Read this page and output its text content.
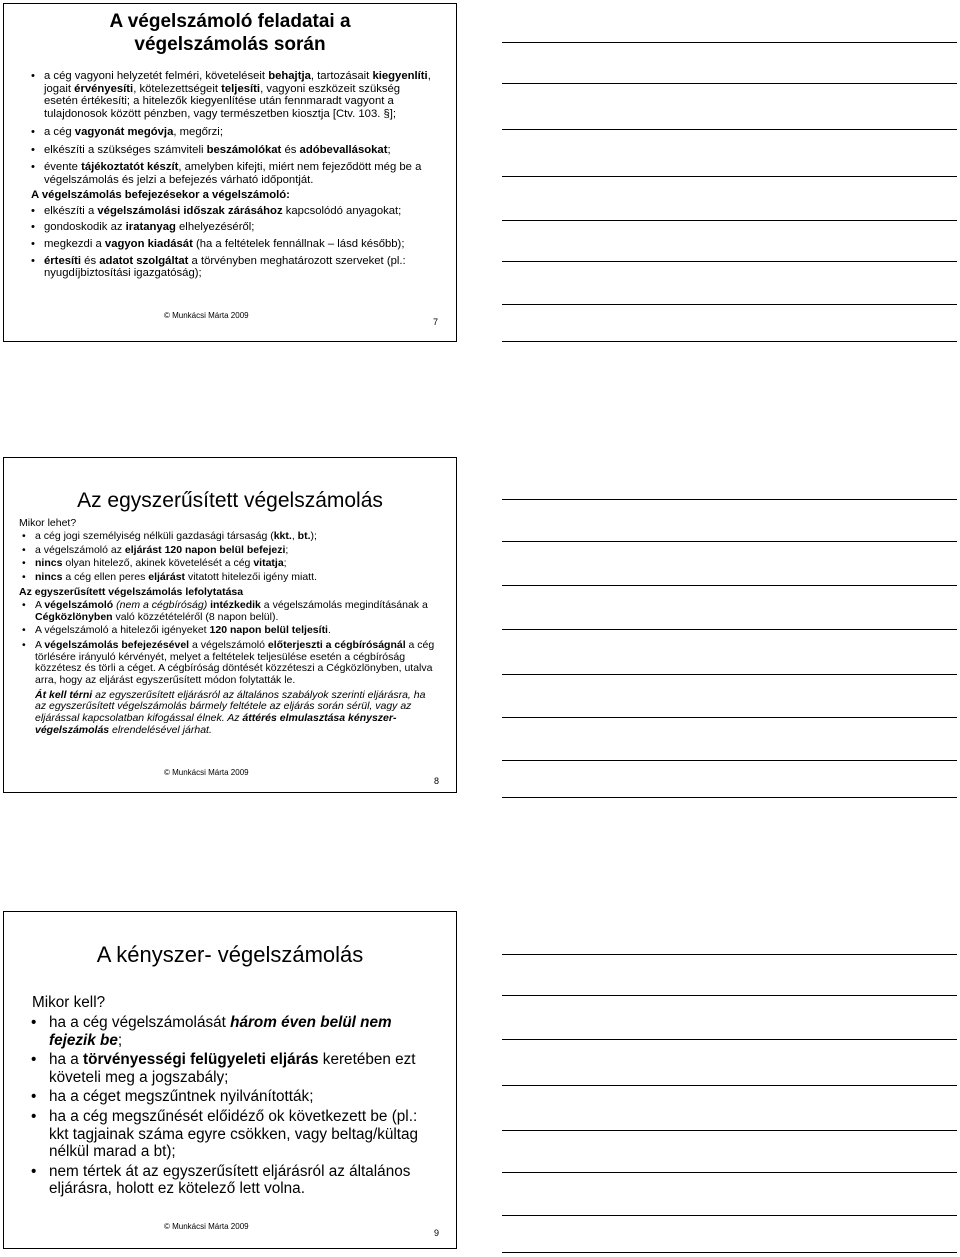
A végelszámoló feladatai a
végelszámolás során
• a cég vagyoni helyzetét felméri, követeléseit behajtja, tartozásait kiegyenlíti, jogait érvényesíti, kötelezettségeit teljesíti, vagyoni eszközeit szükség esetén értékesíti; a hitelezők kiegyenlítése után fennmaradt vagyont a tulajdonosok között pénzben, vagy természetben kiosztja [Ctv. 103. §];
• a cég vagyonát megóvja, megőrzi;
• elkészíti a szükséges számviteli beszámolókat és adóbevallásokat;
• évente tájékoztatót készít, amelyben kifejti, miért nem fejeződött még be a végelszámolás és jelzi a befejezés várható időpontját.
A végelszámolás befejezésekor a végelszámoló:
• elkészíti a végelszámolási időszak zárásához kapcsolódó anyagokat;
• gondoskodik az iratanyag elhelyezéséről;
• megkezdi a vagyon kiadását (ha a feltételek fennállnak – lásd később);
• értesíti és adatot szolgáltat a törvényben meghatározott szerveket (pl.: nyugdíjbiztosítási igazgatóság);
© Munkácsi Márta 2009
7
Az egyszerűsített végelszámolás
Mikor lehet?
• a cég jogi személyiség nélküli gazdasági társaság (kkt., bt.);
• a végelszámoló az eljárást 120 napon belül befejezi;
• nincs olyan hitelező, akinek követelését a cég vitatja;
• nincs a cég ellen peres eljárást vitatott hitelezői igény miatt.
Az egyszerűsített végelszámolás lefolytatása
• A végelszámoló (nem a cégbíróság) intézkedik a végelszámolás megindításának a Cégközlönyben való közzétételéről (8 napon belül).
• A végelszámoló a hitelezői igényeket 120 napon belül teljesíti.
• A végelszámolás befejezésével a végelszámoló előterjeszti a cégbíróságnál a cég törlésére irányuló kérvényét, melyet a feltételek teljesülése esetén a cégbíróság közzétesz és törli a céget. A cégbíróság döntését közzéteszi a Cégközlönyben, utalva arra, hogy az eljárást egyszerűsített módon folytatták le.
Át kell térni az egyszerűsített eljárásról az általános szabályok szerinti eljárásra, ha az egyszerűsített végelszámolás bármely feltétele az eljárás során sérül, vagy az eljárással kapcsolatban kifogással élnek. Az áttérés elmulasztása kényszer-végelszámolás elrendelésével járhat.
© Munkácsi Márta 2009
8
A kényszer- végelszámolás
Mikor kell?
• ha a cég végelszámolását három éven belül nem fejezik be;
• ha a törvényességi felügyeleti eljárás keretében ezt követeli meg a jogszabály;
• ha a céget megszűntnek nyilvánították;
• ha a cég megszűnését előidéző ok következett be (pl.: kkt tagjainak száma egyre csökken, vagy beltag/kültag nélkül marad a bt);
• nem tértek át az egyszerűsített eljárásról az általános eljárásra, holott ez kötelező lett volna.
© Munkácsi Márta 2009
9
